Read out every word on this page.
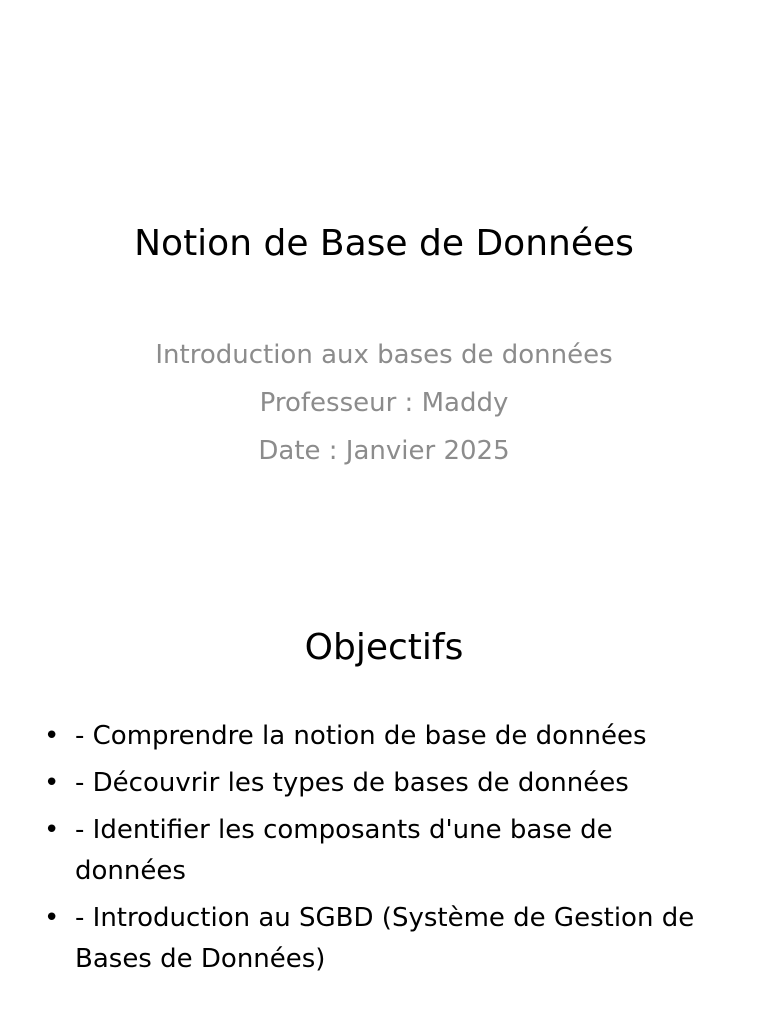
Notion de Base de Données
Introduction aux bases de données
Professeur : Maddy
Date : Janvier 2025
Objectifs
• - Comprendre la notion de base de données
• - Découvrir les types de bases de données
• - Identifier les composants d'une base de données
• - Introduction au SGBD (Système de Gestion de Bases de Données)
